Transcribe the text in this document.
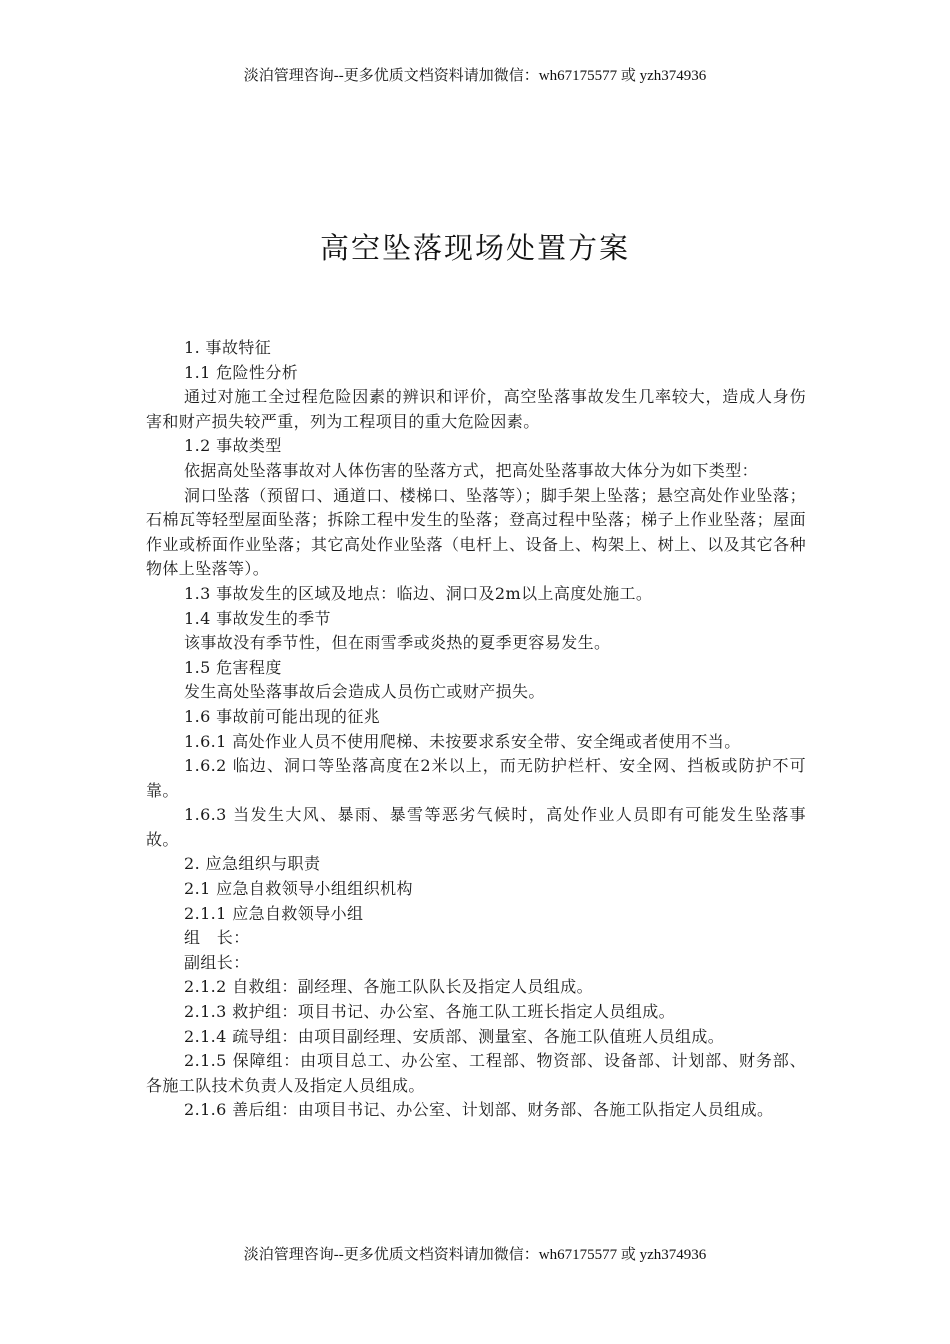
淡泊管理咨询--更多优质文档资料请加微信：wh67175577 或 yzh374936
高空坠落现场处置方案

1. 事故特征

1.1 危险性分析

通过对施工全过程危险因素的辨识和评价，高空坠落事故发生几率较大，造成人身伤害和财产损失较严重，列为工程项目的重大危险因素。

1.2 事故类型

依据高处坠落事故对人体伤害的坠落方式，把高处坠落事故大体分为如下类型：

洞口坠落（预留口、通道口、楼梯口、坠落等）；脚手架上坠落；悬空高处作业坠落； 石棉瓦等轻型屋面坠落；拆除工程中发生的坠落；登高过程中坠落；梯子上作业坠落；屋面作业或桥面作业坠落；其它高处作业坠落（电杆上、设备上、构架上、树上、以及其它各种物体上坠落等）。

1.3 事故发生的区域及地点：临边、洞口及2m以上高度处施工。

1.4 事故发生的季节

该事故没有季节性，但在雨雪季或炎热的夏季更容易发生。

1.5 危害程度

发生高处坠落事故后会造成人员伤亡或财产损失。

1.6 事故前可能出现的征兆

1.6.1 高处作业人员不使用爬梯、未按要求系安全带、安全绳或者使用不当。

1.6.2 临边、洞口等坠落高度在2米以上，而无防护栏杆、安全网、挡板或防护不可靠。

1.6.3 当发生大风、暴雨、暴雪等恶劣气候时，高处作业人员即有可能发生坠落事故。

2. 应急组织与职责

2.1 应急自救领导小组组织机构

2.1.1 应急自救领导小组

组　长：

副组长：

2.1.2 自救组：副经理、各施工队队长及指定人员组成。

2.1.3 救护组：项目书记、办公室、各施工队工班长指定人员组成。

2.1.4 疏导组：由项目副经理、安质部、测量室、各施工队值班人员组成。

2.1.5 保障组：由项目总工、办公室、工程部、物资部、设备部、计划部、财务部、各施工队技术负责人及指定人员组成。

2.1.6 善后组：由项目书记、办公室、计划部、财务部、各施工队指定人员组成。

淡泊管理咨询--更多优质文档资料请加微信：wh67175577 或 yzh374936
